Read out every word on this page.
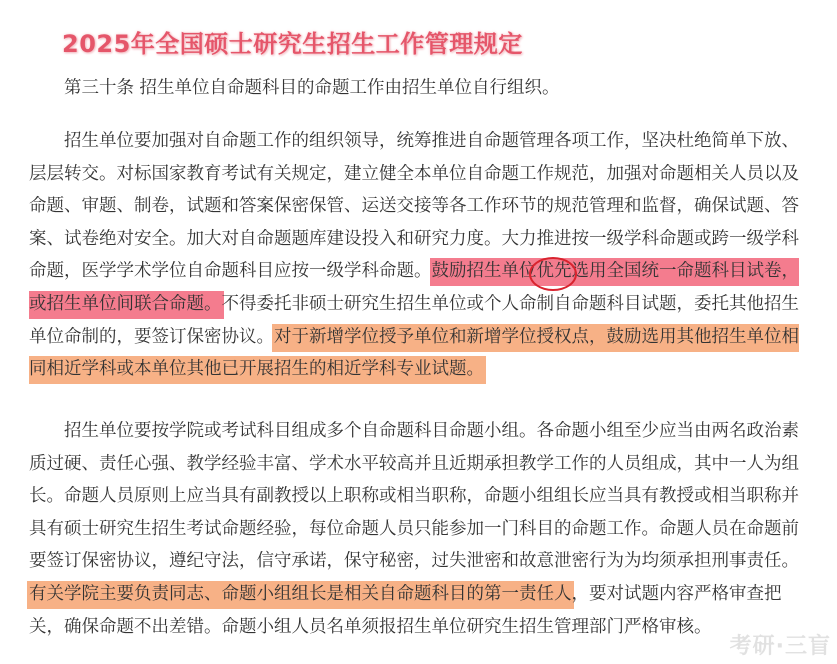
2025年全国硕士研究生招生工作管理规定

第三十条 招生单位自命题科目的命题工作由招生单位自行组织。

招生单位要加强对自命题工作的组织领导，统筹推进自命题管理各项工作，坚决杜绝简单下放、层层转交。对标国家教育考试有关规定，建立健全本单位自命题工作规范，加强对命题相关人员以及命题、审题、制卷，试题和答案保密保管、运送交接等各工作环节的规范管理和监督，确保试题、答案、试卷绝对安全。加大对自命题题库建设投入和研究力度。大力推进按一级学科命题或跨一级学科命题，医学学术学位自命题科目应按一级学科命题。鼓励招生单位
优先选用全国统一命题科目试卷，或招生单位间联合命题。不得委托非硕士研究生招生单位或个人命制自命题科目试题，委托其他招生单位命制的，要签订保密协议。对于新增学位授予单位和新增学位授权点，鼓励选用其他招生单位相同相近学科或本单位其他已开展招生的相近学科专业试题。

招生单位要按学院或考试科目组成多个自命题科目命题小组。各命题小组至少应当由两名政治素质过硬、责任心强、教学经验丰富、学术水平较高并且近期承担教学工作的人员组成，其中一人为组长。命题人员原则上应当具有副教授以上职称或相当职称，命题小组组长应当具有教授或相当职称并具有硕士研究生招生考试命题经验，每位命题人员只能参加一门科目的命题工作。命题人员在命题前要签订保密协议，遵纪守法，信守承诺，保守秘密，过失泄密和故意泄密行为为均须承担刑事责任。有关学院主要负责同志、命题小组组长是相关自命题科目的第一责任人，要对试题内容严格审查把关，确保命题不出差错。命题小组人员名单须报招生单位研究生招生管理部门严格审核。

考研·三盲
